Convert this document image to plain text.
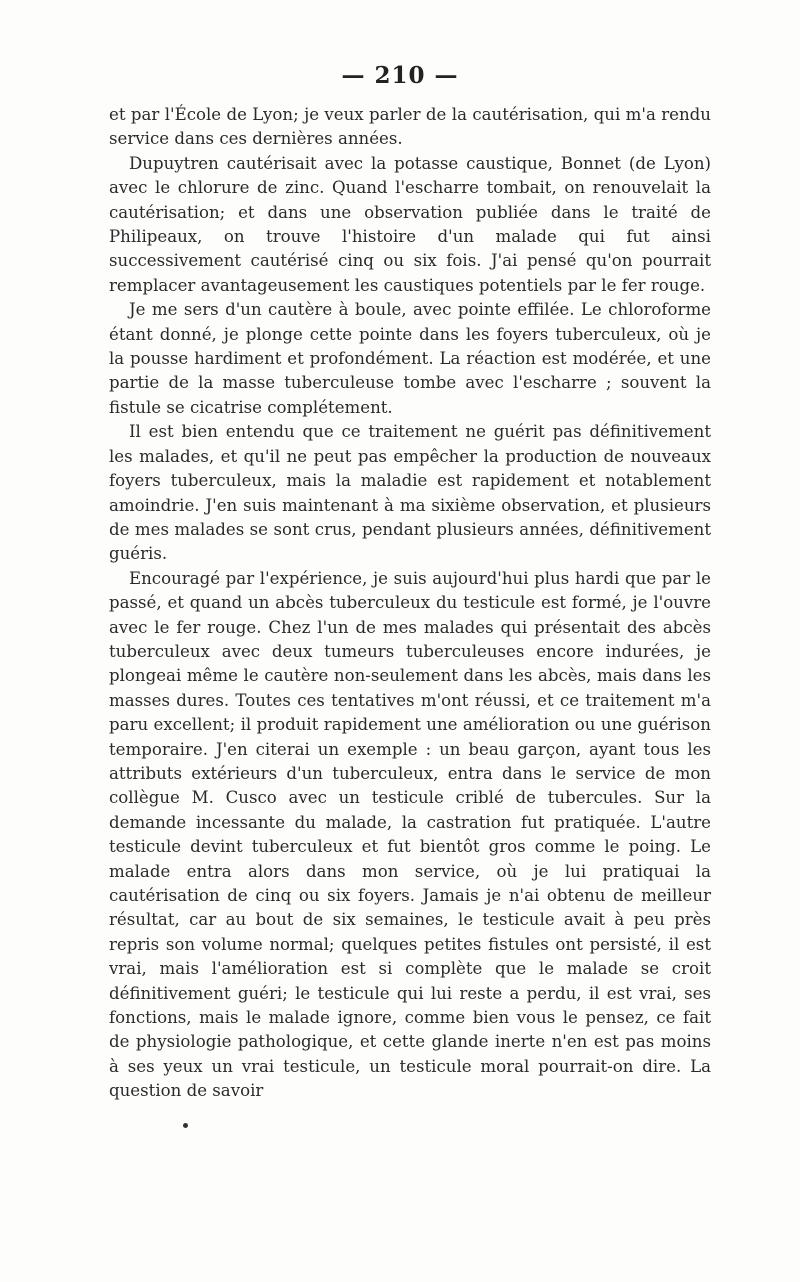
— 210 —

et par l'École de Lyon; je veux parler de la cautérisation, qui m'a rendu service dans ces dernières années.

Dupuytren cautérisait avec la potasse caustique, Bonnet (de Lyon) avec le chlorure de zinc. Quand l'escharre tombait, on renouvelait la cautérisation; et dans une observation publiée dans le traité de Philipeaux, on trouve l'histoire d'un malade qui fut ainsi successivement cautérisé cinq ou six fois. J'ai pensé qu'on pourrait remplacer avantageusement les caustiques potentiels par le fer rouge.

Je me sers d'un cautère à boule, avec pointe effilée. Le chloroforme étant donné, je plonge cette pointe dans les foyers tuberculeux, où je la pousse hardiment et profondément. La réaction est modérée, et une partie de la masse tuberculeuse tombe avec l'escharre ; souvent la fistule se cicatrise complétement.

Il est bien entendu que ce traitement ne guérit pas définitivement les malades, et qu'il ne peut pas empêcher la production de nouveaux foyers tuberculeux, mais la maladie est rapidement et notablement amoindrie. J'en suis maintenant à ma sixième observation, et plusieurs de mes malades se sont crus, pendant plusieurs années, définitivement guéris.

Encouragé par l'expérience, je suis aujourd'hui plus hardi que par le passé, et quand un abcès tuberculeux du testicule est formé, je l'ouvre avec le fer rouge. Chez l'un de mes malades qui présentait des abcès tuberculeux avec deux tumeurs tuberculeuses encore indurées, je plongeai même le cautère non-seulement dans les abcès, mais dans les masses dures. Toutes ces tentatives m'ont réussi, et ce traitement m'a paru excellent; il produit rapidement une amélioration ou une guérison temporaire. J'en citerai un exemple : un beau garçon, ayant tous les attributs extérieurs d'un tuberculeux, entra dans le service de mon collègue M. Cusco avec un testicule criblé de tubercules. Sur la demande incessante du malade, la castration fut pratiquée. L'autre testicule devint tuberculeux et fut bientôt gros comme le poing. Le malade entra alors dans mon service, où je lui pratiquai la cautérisation de cinq ou six foyers. Jamais je n'ai obtenu de meilleur résultat, car au bout de six semaines, le testicule avait à peu près repris son volume normal; quelques petites fistules ont persisté, il est vrai, mais l'amélioration est si complète que le malade se croit définitivement guéri; le testicule qui lui reste a perdu, il est vrai, ses fonctions, mais le malade ignore, comme bien vous le pensez, ce fait de physiologie pathologique, et cette glande inerte n'en est pas moins à ses yeux un vrai testicule, un testicule moral pourrait-on dire. La question de savoir
